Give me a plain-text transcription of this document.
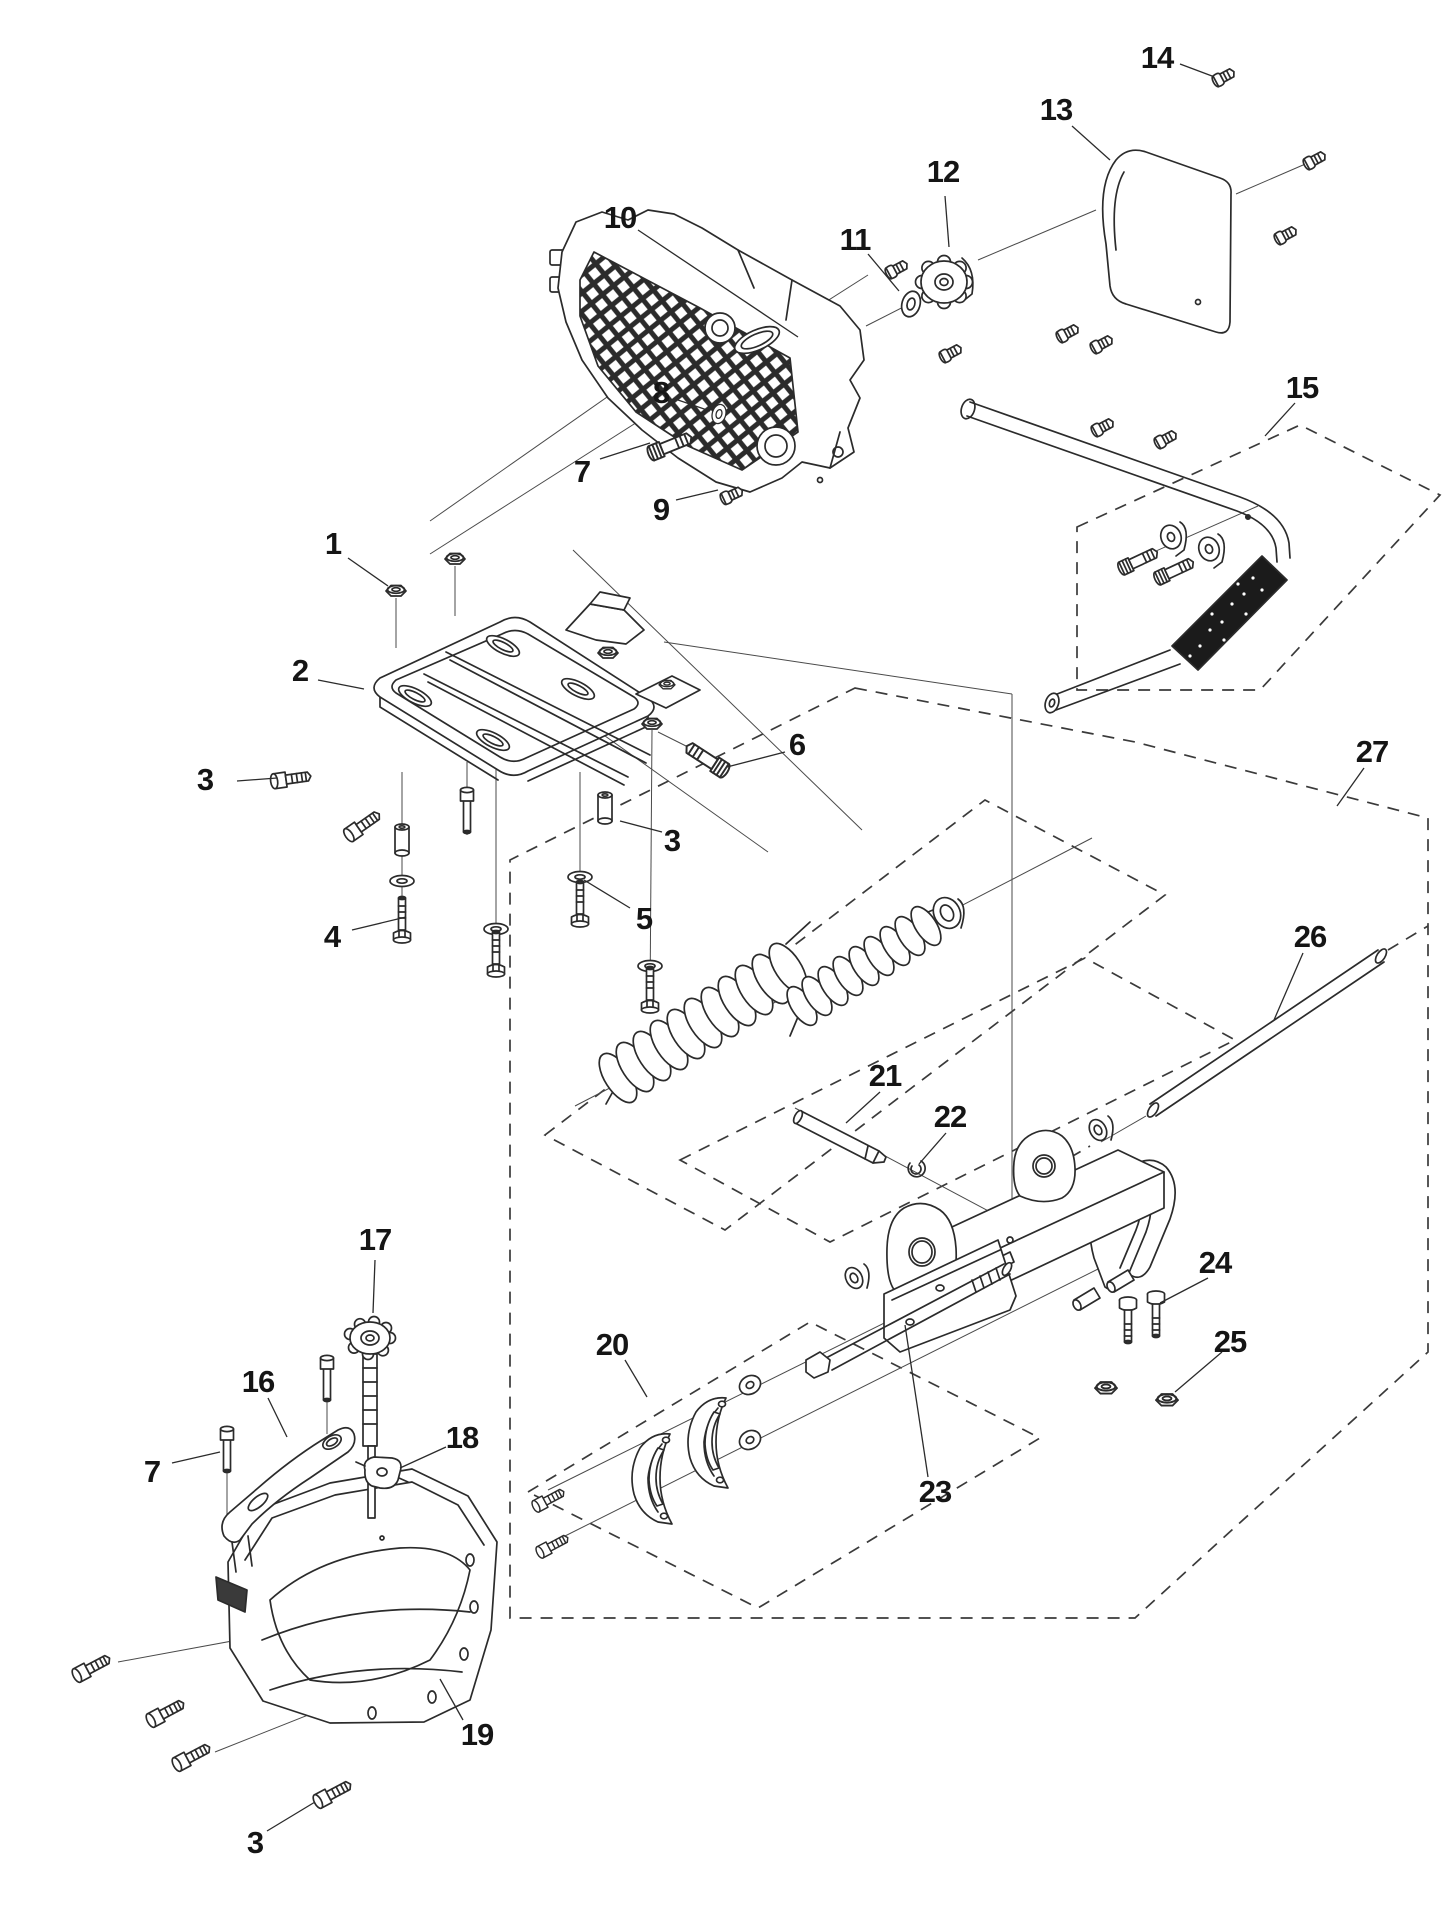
1
2
3
3
3
4
5
6
7
7
8
9
10
11
12
13
14
15
16
17
18
19
20
21
22
23
24
25
26
27
